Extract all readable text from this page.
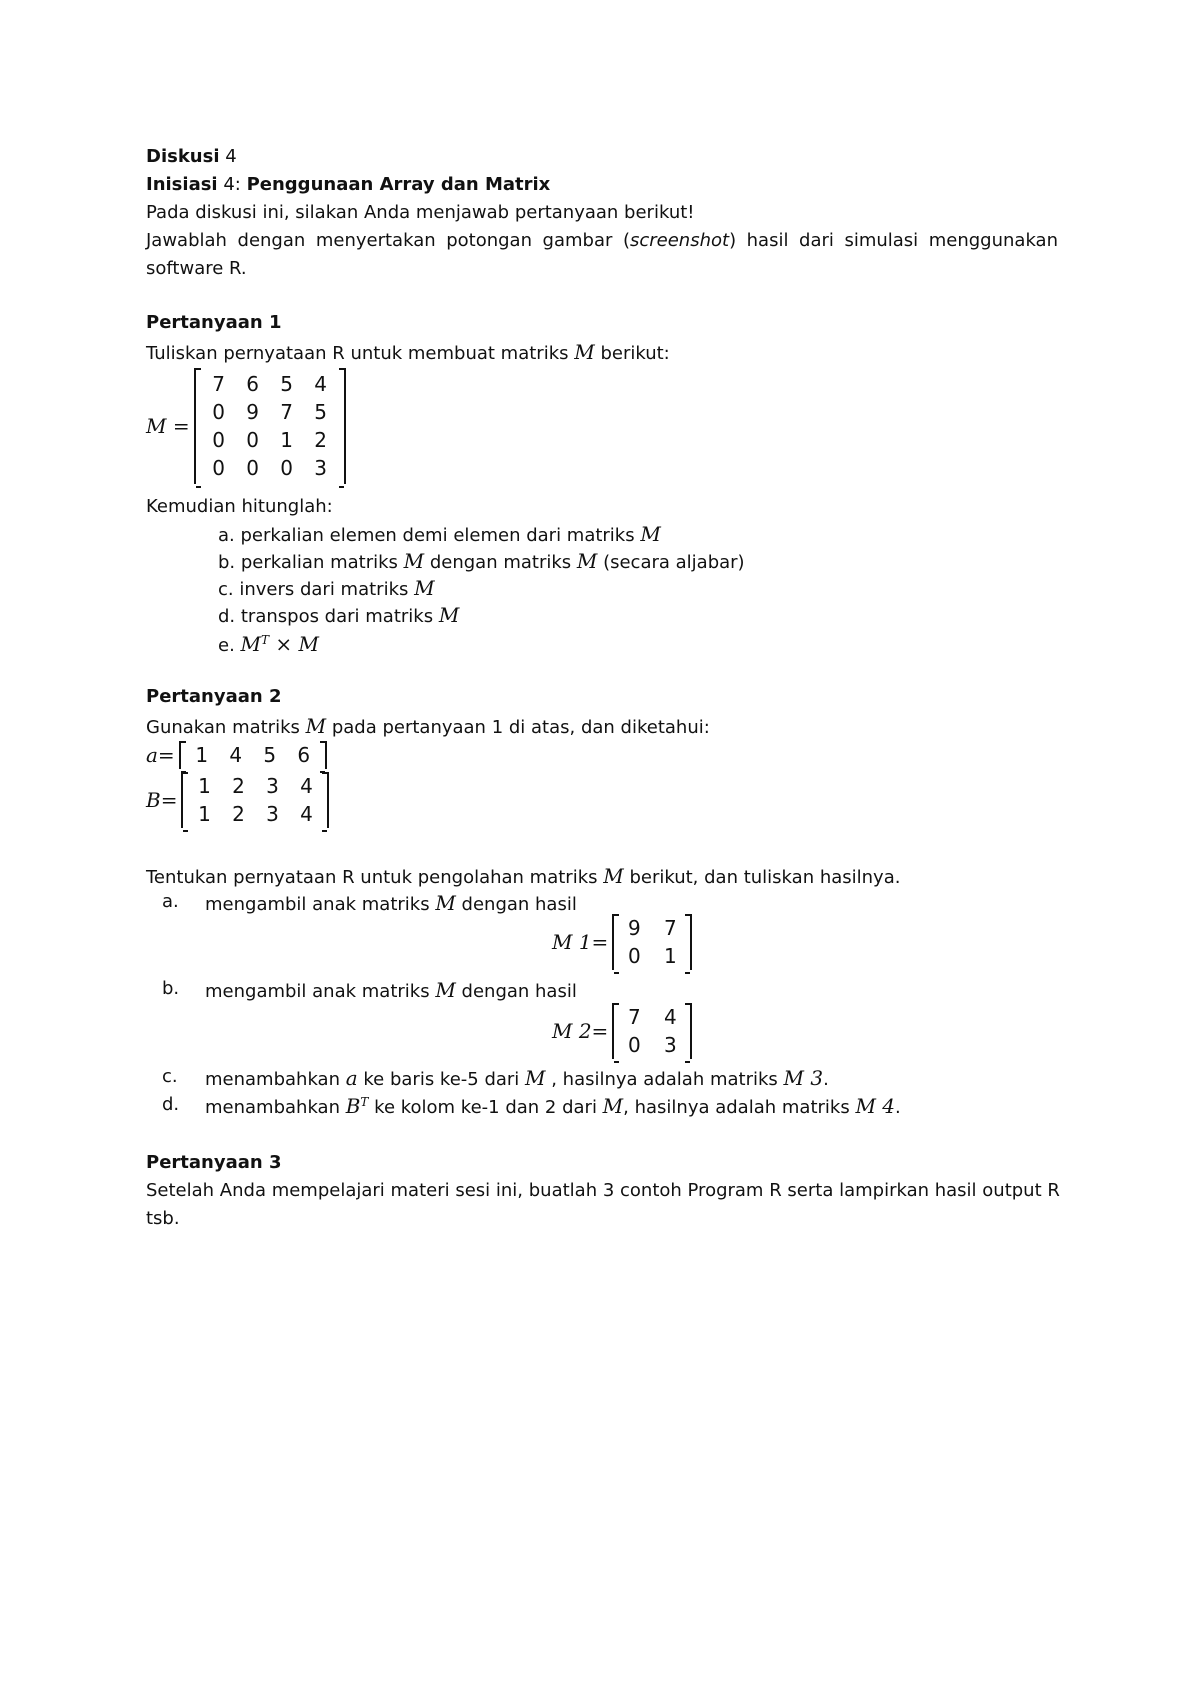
Diskusi 4
Inisiasi 4: Penggunaan Array dan Matrix
Pada diskusi ini, silakan Anda menjawab pertanyaan berikut!
Jawablah dengan menyertakan potongan gambar (screenshot) hasil dari simulasi menggunakan
software R.
Pertanyaan 1
Tuliskan pernyataan R untuk membuat matriks M berikut:
M =
7	6	5	4
0	9	7	5
0	0	1	2
0	0	0	3
Kemudian hitunglah:
a. perkalian elemen demi elemen dari matriks M
b. perkalian matriks M dengan matriks M (secara aljabar)
c. invers dari matriks M
d. transpos dari matriks M
e. $M^T \times M$
Pertanyaan 2
Gunakan matriks M pada pertanyaan 1 di atas, dan diketahui:
a=	1	4	5	6
B=
1	2	3	4
1	2	3	4
Tentukan pernyataan R untuk pengolahan matriks M berikut, dan tuliskan hasilnya.
a. mengambil anak matriks M dengan hasil
M 1=
9	7
0	1
b. mengambil anak matriks M dengan hasil
M 2=
7	4
0	3
c. menambahkan a ke baris ke-5 dari M , hasilnya adalah matriks M 3.
d. menambahkan $B^T$ ke kolom ke-1 dan 2 dari M, hasilnya adalah matriks M 4.
Pertanyaan 3
Setelah Anda mempelajari materi sesi ini, buatlah 3 contoh Program R serta lampirkan hasil output R
tsb.
